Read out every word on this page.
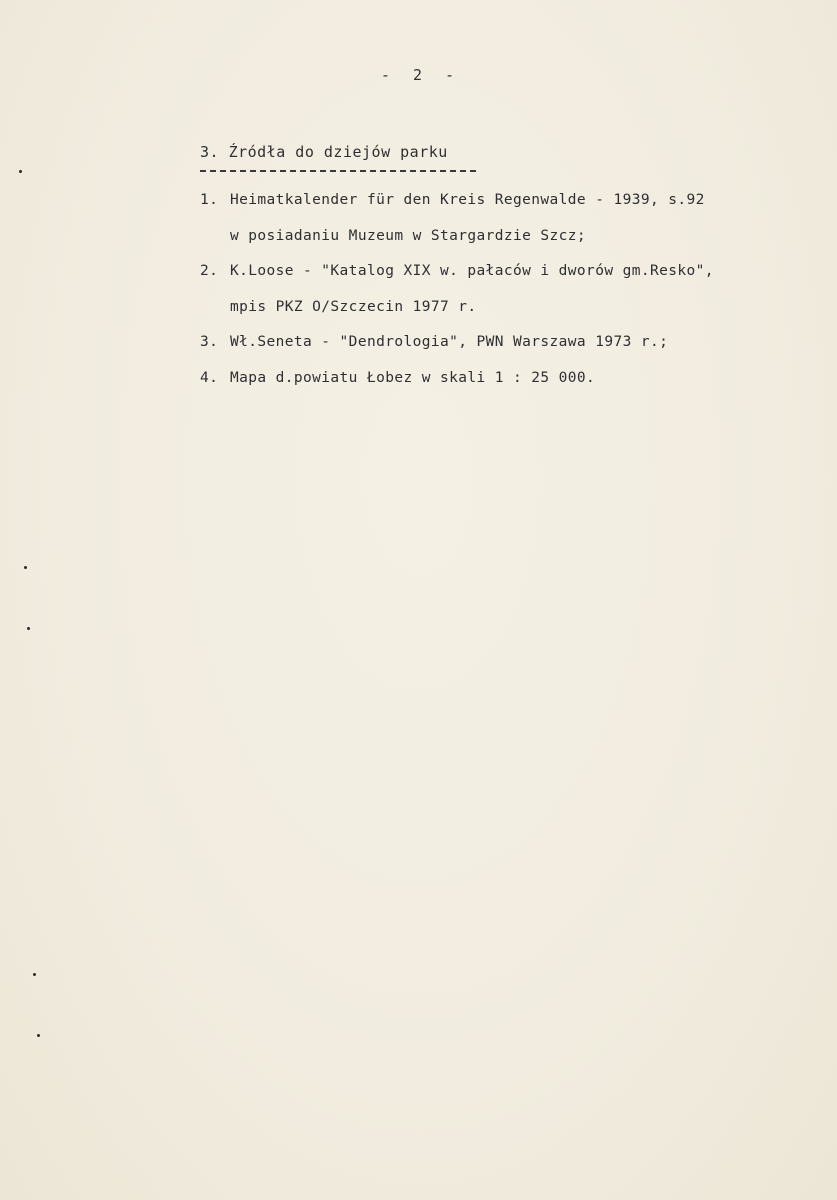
- 2 -
3. Źródła do dziejów parku
1. Heimatkalender für den Kreis Regenwalde - 1939, s.92
w posiadaniu Muzeum w Stargardzie Szcz;
2. K.Loose - "Katalog XIX w. pałaców i dworów gm.Resko",
mpis PKZ O/Szczecin 1977 r.
3. Wł.Seneta - "Dendrologia", PWN Warszawa 1973 r.;
4. Mapa d.powiatu Łobez w skali 1 : 25 000.
